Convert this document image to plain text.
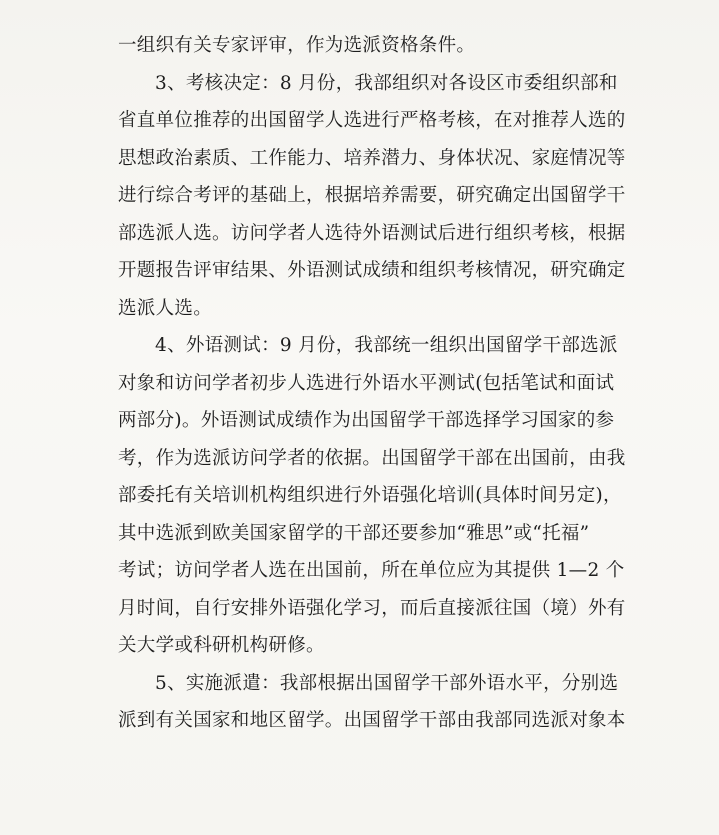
一组织有关专家评审，作为选派资格条件。
3、考核决定：8 月份，我部组织对各设区市委组织部和
省直单位推荐的出国留学人选进行严格考核，在对推荐人选的
思想政治素质、工作能力、培养潜力、身体状况、家庭情况等
进行综合考评的基础上，根据培养需要，研究确定出国留学干
部选派人选。访问学者人选待外语测试后进行组织考核，根据
开题报告评审结果、外语测试成绩和组织考核情况，研究确定
选派人选。
4、外语测试：9 月份，我部统一组织出国留学干部选派
对象和访问学者初步人选进行外语水平测试(包括笔试和面试
两部分)。外语测试成绩作为出国留学干部选择学习国家的参
考，作为选派访问学者的依据。出国留学干部在出国前，由我
部委托有关培训机构组织进行外语强化培训(具体时间另定)，
其中选派到欧美国家留学的干部还要参加“雅思”或“托福”
考试；访问学者人选在出国前，所在单位应为其提供 1—2 个
月时间，自行安排外语强化学习，而后直接派往国（境）外有
关大学或科研机构研修。
5、实施派遣：我部根据出国留学干部外语水平，分别选
派到有关国家和地区留学。出国留学干部由我部同选派对象本
